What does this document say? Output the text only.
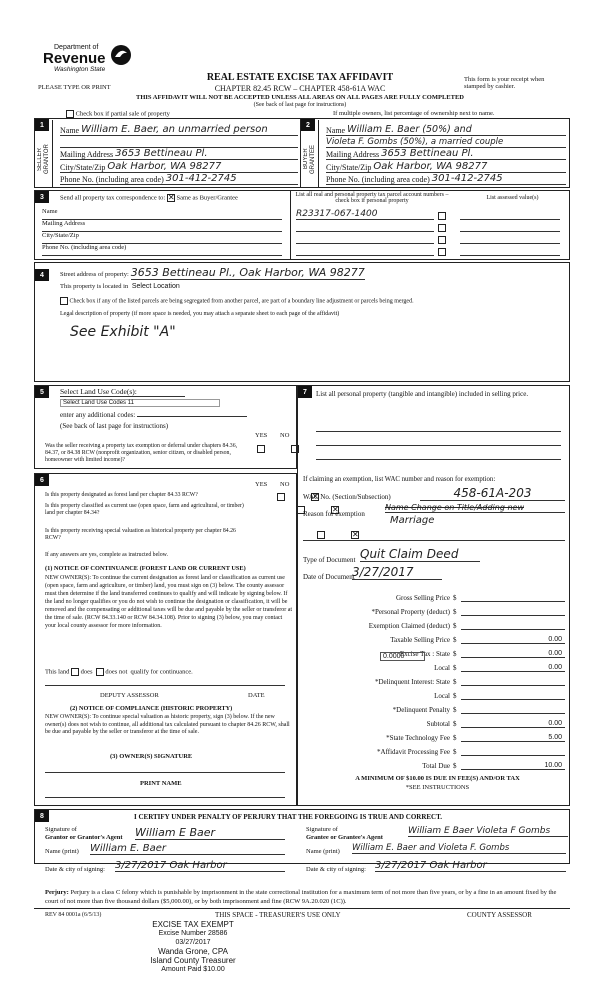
Department of
Revenue
Washington State
PLEASE TYPE OR PRINT
REAL ESTATE EXCISE TAX AFFIDAVIT
CHAPTER 82.45 RCW – CHAPTER 458-61A WAC
THIS AFFIDAVIT WILL NOT BE ACCEPTED UNLESS ALL AREAS ON ALL PAGES ARE FULLY COMPLETED
(See back of last page for instructions)
This form is your receipt when stamped by cashier.
Check box if partial sale of property	If multiple owners, list percentage of ownership next to name.
1
SELLER GRANTOR
Name
William E. Baer, an unmarried person
Mailing Address
3653 Bettineau Pl.
City/State/Zip
Oak Harbor, WA 98277
Phone No. (including area code)
301-412-2745
2
BUYER GRANTEE
Name
William E. Baer (50%) and
Violeta F. Gombs (50%), a married couple
Mailing Address
3653 Bettineau Pl.
City/State/Zip
Oak Harbor, WA 98277
Phone No. (including area code)
301-412-2745
3	Send all property tax correspondence to: ✕ Same as Buyer/Grantee
Name
Mailing Address
City/State/Zip
Phone No. (including area code)
List all real and personal property tax parcel account numbers – check box if personal property	List assessed value(s)
R23317-067-1400
4	Street address of property: 3653 Bettineau Pl., Oak Harbor, WA 98277
This property is located in Select Location
Check box if any of the listed parcels are being segregated from another parcel, are part of a boundary line adjustment or parcels being merged.
Legal description of property (if more space is needed, you may attach a separate sheet to each page of the affidavit)
See Exhibit "A"
5	Select Land Use Code(s):
Select Land Use Codes 11
enter any additional codes:
(See back of last page for instructions)
YES NO
Was the seller receiving a property tax exemption or deferral under chapters 84.36, 84.37, or 84.38 RCW (nonprofit organization, senior citizen, or disabled person, homeowner with limited income)?

6
YES NO
Is this property designated as forest land per chapter 84.33 RCW?
✕
Is this property classified as current use (open space, farm and agricultural, or timber) land per chapter 84.34?
✕
Is this property receiving special valuation as historical property per chapter 84.26 RCW?
✕
If any answers are yes, complete as instructed below.
(1) NOTICE OF CONTINUANCE (FOREST LAND OR CURRENT USE)
NEW OWNER(S): To continue the current designation as forest land or classification as current use (open space, farm and agriculture, or timber) land, you must sign on (3) below. The county assessor must then determine if the land transferred continues to qualify and will indicate by signing below. If the land no longer qualifies or you do not wish to continue the designation or classification, it will be removed and the compensating or additional taxes will be due and payable by the seller or transferor at the time of sale. (RCW 84.33.140 or RCW 84.34.108). Prior to signing (3) below, you may contact your local county assessor for more information.
This land does does not qualify for continuance.
DEPUTY ASSESSOR	DATE
(2) NOTICE OF COMPLIANCE (HISTORIC PROPERTY)
NEW OWNER(S): To continue special valuation as historic property, sign (3) below. If the new owner(s) does not wish to continue, all additional tax calculated pursuant to chapter 84.26 RCW, shall be due and payable by the seller or transferor at the time of sale.
(3) OWNER(S) SIGNATURE
PRINT NAME
7	List all personal property (tangible and intangible) included in selling price.
If claiming an exemption, list WAC number and reason for exemption:
WAC No. (Section/Subsection)	458-61A-203
Reason for exemption
Name Change on Title/Adding new
Marriage
Type of Document Quit Claim Deed
Date of Document
3/27/2017
Gross Selling Price $
*Personal Property (deduct) $
Exemption Claimed (deduct) $
Taxable Selling Price $	0.00
Excise Tax : State $	0.00
Local $	0.00
*Delinquent Interest: State $
Local $
*Delinquent Penalty $
Subtotal $	0.00
*State Technology Fee $	5.00
*Affidavit Processing Fee $
Total Due $	10.00
0.0000
A MINIMUM OF $10.00 IS DUE IN FEE(S) AND/OR TAX
*SEE INSTRUCTIONS
8	I CERTIFY UNDER PENALTY OF PERJURY THAT THE FOREGOING IS TRUE AND CORRECT.
Signature of
Grantor or Grantor's Agent William E Baer
Name (print) William E. Baer
Date & city of signing: 3/27/2017 Oak Harbor
Signature of
Grantee or Grantee's Agent
William E Baer Violeta F Gombs
Name (print) William E. Baer and Violeta F. Gombs
Date & city of signing: 3/27/2017 Oak Harbor
Perjury: Perjury is a class C felony which is punishable by imprisonment in the state correctional institution for a maximum term of not more than five years, or by a fine in an amount fixed by the court of not more than five thousand dollars ($5,000.00), or by both imprisonment and fine (RCW 9A.20.020 (1C)).
REV 84 0001a (6/5/13)	THIS SPACE - TREASURER'S USE ONLY	COUNTY ASSESSOR
EXCISE TAX EXEMPT
Excise Number 28586
03/27/2017
Wanda Grone, CPA
Island County Treasurer
Amount Paid $10.00
